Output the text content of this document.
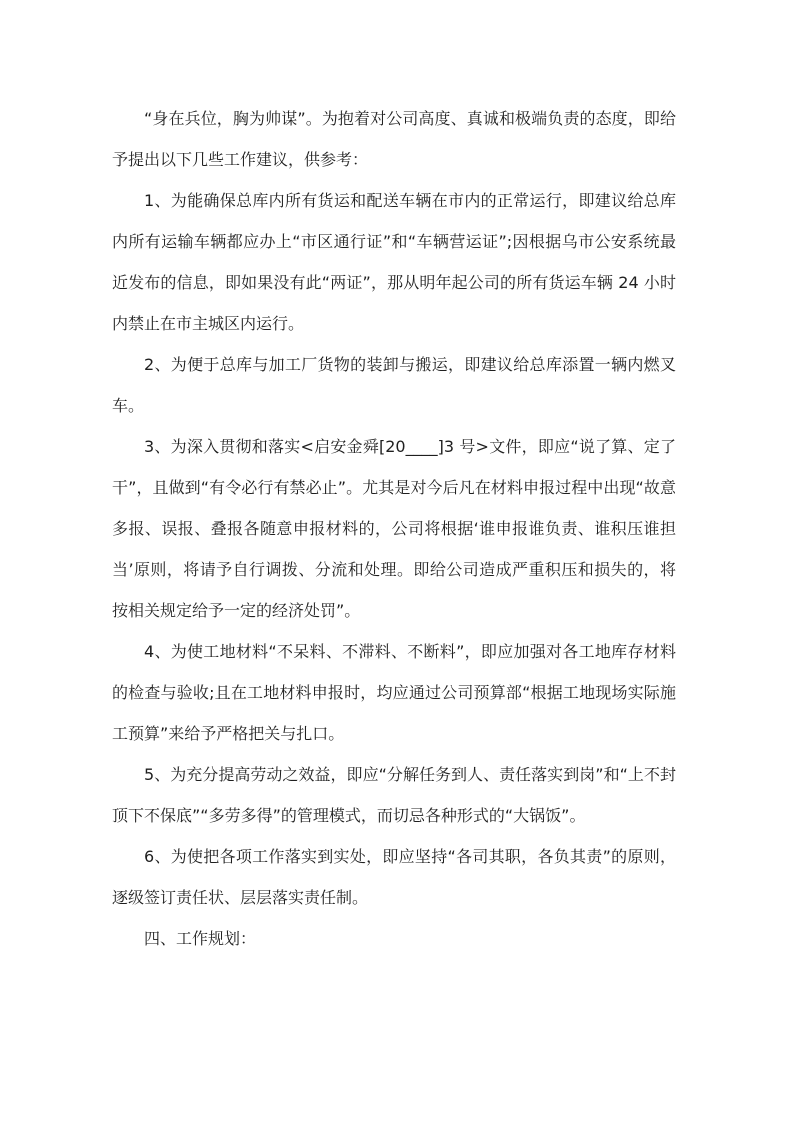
“身在兵位，胸为帅谋”。为抱着对公司高度、真诚和极端负责的态度，即给予提出以下几些工作建议，供参考：

1、为能确保总库内所有货运和配送车辆在市内的正常运行，即建议给总库内所有运输车辆都应办上“市区通行证”和“车辆营运证”;因根据乌市公安系统最近发布的信息，即如果没有此“两证”，那从明年起公司的所有货运车辆 24 小时内禁止在市主城区内运行。

2、为便于总库与加工厂货物的装卸与搬运，即建议给总库添置一辆内燃叉车。

3、为深入贯彻和落实<启安金舜[20____]3 号>文件，即应“说了算、定了干”，且做到“有令必行有禁必止”。尤其是对今后凡在材料申报过程中出现“故意多报、误报、叠报各随意申报材料的，公司将根据‘谁申报谁负责、谁积压谁担当’原则，将请予自行调拨、分流和处理。即给公司造成严重积压和损失的，将按相关规定给予一定的经济处罚”。

4、为使工地材料“不呆料、不滞料、不断料”，即应加强对各工地库存材料的检查与验收;且在工地材料申报时，均应通过公司预算部“根据工地现场实际施工预算”来给予严格把关与扎口。

5、为充分提高劳动之效益，即应“分解任务到人、责任落实到岗”和“上不封顶下不保底”“多劳多得”的管理模式，而切忌各种形式的“大锅饭”。

6、为使把各项工作落实到实处，即应坚持“各司其职，各负其责”的原则，逐级签订责任状、层层落实责任制。

四、工作规划：
